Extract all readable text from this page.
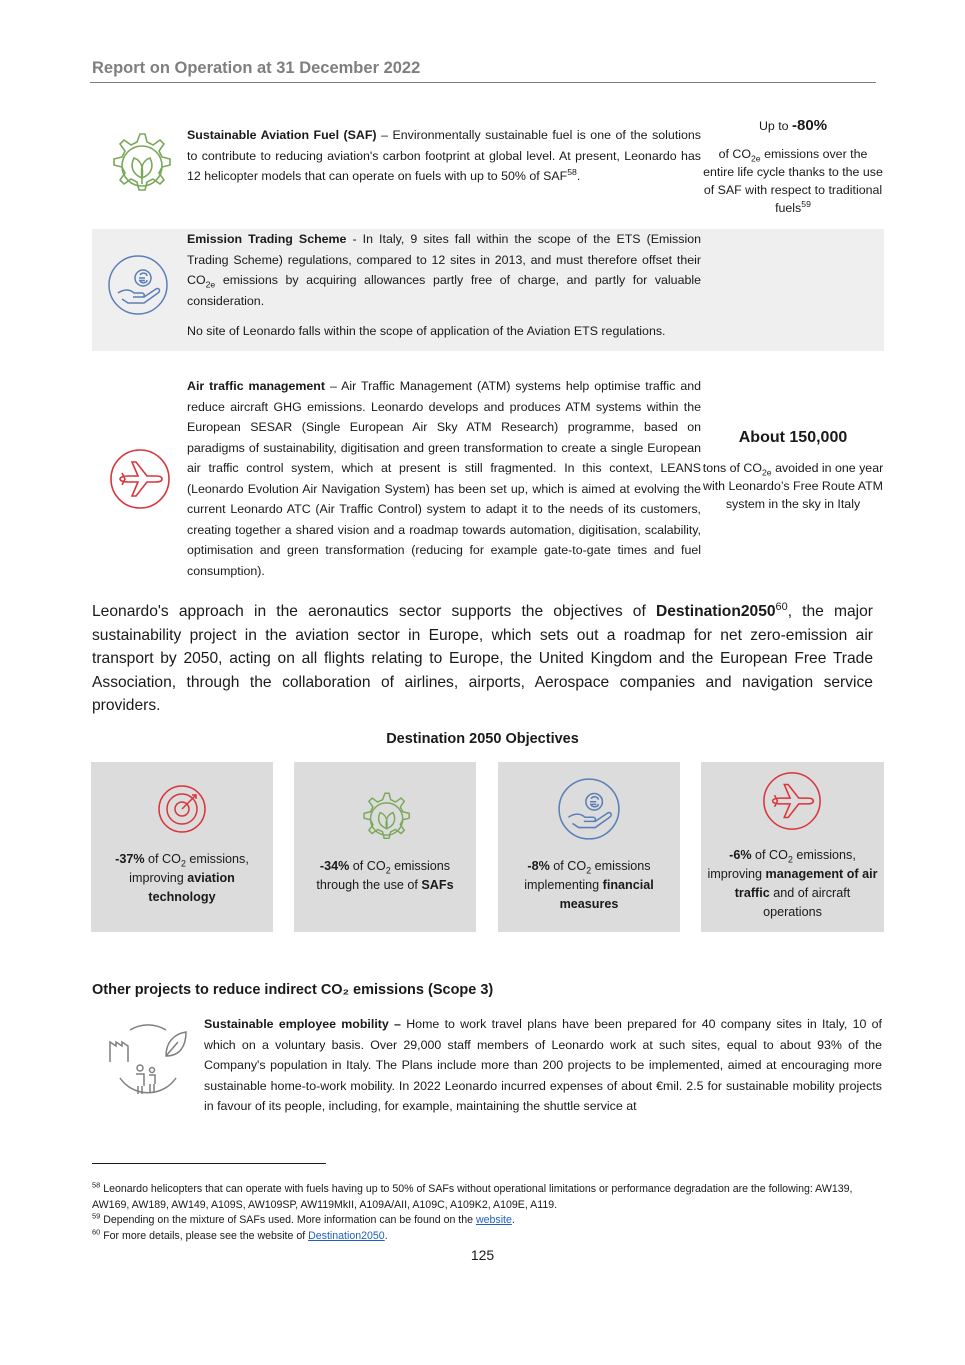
Report on Operation at 31 December 2022

Sustainable Aviation Fuel (SAF) – Environmentally sustainable fuel is one of the solutions to contribute to reducing aviation's carbon footprint at global level. At present, Leonardo has 12 helicopter models that can operate on fuels with up to 50% of SAF$^{58}$.

Up to -80%
of $CO_{2e}$ emissions over the entire life cycle thanks to the use of SAF with respect to traditional fuels$^{59}$

Emission Trading Scheme - In Italy, 9 sites fall within the scope of the ETS (Emission Trading Scheme) regulations, compared to 12 sites in 2013, and must therefore offset their $CO_{2e}$ emissions by acquiring allowances partly free of charge, and partly for valuable consideration.

No site of Leonardo falls within the scope of application of the Aviation ETS regulations.

Air traffic management – Air Traffic Management (ATM) systems help optimise traffic and reduce aircraft GHG emissions. Leonardo develops and produces ATM systems within the European SESAR (Single European Air Sky ATM Research) programme, based on paradigms of sustainability, digitisation and green transformation to create a single European air traffic control system, which at present is still fragmented. In this context, LEANS (Leonardo Evolution Air Navigation System) has been set up, which is aimed at evolving the current Leonardo ATC (Air Traffic Control) system to adapt it to the needs of its customers, creating together a shared vision and a roadmap towards automation, digitisation, scalability, optimisation and green transformation (reducing for example gate-to-gate times and fuel consumption).

About 150,000
tons of $CO_{2e}$ avoided in one year with Leonardo’s Free Route ATM system in the sky in Italy
Leonardo's approach in the aeronautics sector supports the objectives of Destination2050$^{60}$, the major sustainability project in the aviation sector in Europe, which sets out a roadmap for net zero-emission air transport by 2050, acting on all flights relating to Europe, the United Kingdom and the European Free Trade Association, through the collaboration of airlines, airports, Aerospace companies and navigation service providers.
Destination 2050 Objectives
-37% of $CO_2$ emissions, improving aviation technology
-34% of $CO_2$ emissions through the use of SAFs
-8% of $CO_2$ emissions implementing financial measures
-6% of $CO_2$ emissions, improving management of air traffic and of aircraft operations
Other projects to reduce indirect CO₂ emissions (Scope 3)
Sustainable employee mobility – Home to work travel plans have been prepared for 40 company sites in Italy, 10 of which on a voluntary basis. Over 29,000 staff members of Leonardo work at such sites, equal to about 93% of the Company's population in Italy. The Plans include more than 200 projects to be implemented, aimed at encouraging more sustainable home-to-work mobility. In 2022 Leonardo incurred expenses of about €mil. 2.5 for sustainable mobility projects in favour of its people, including, for example, maintaining the shuttle service at
$^{58}$ Leonardo helicopters that can operate with fuels having up to 50% of SAFs without operational limitations or performance degradation are the following: AW139, AW169, AW189, AW149, A109S, AW109SP, AW119MkII, A109A/AII, A109C, A109K2, A109E, A119.
$^{59}$ Depending on the mixture of SAFs used. More information can be found on the website.
$^{60}$ For more details, please see the website of Destination2050.
125
